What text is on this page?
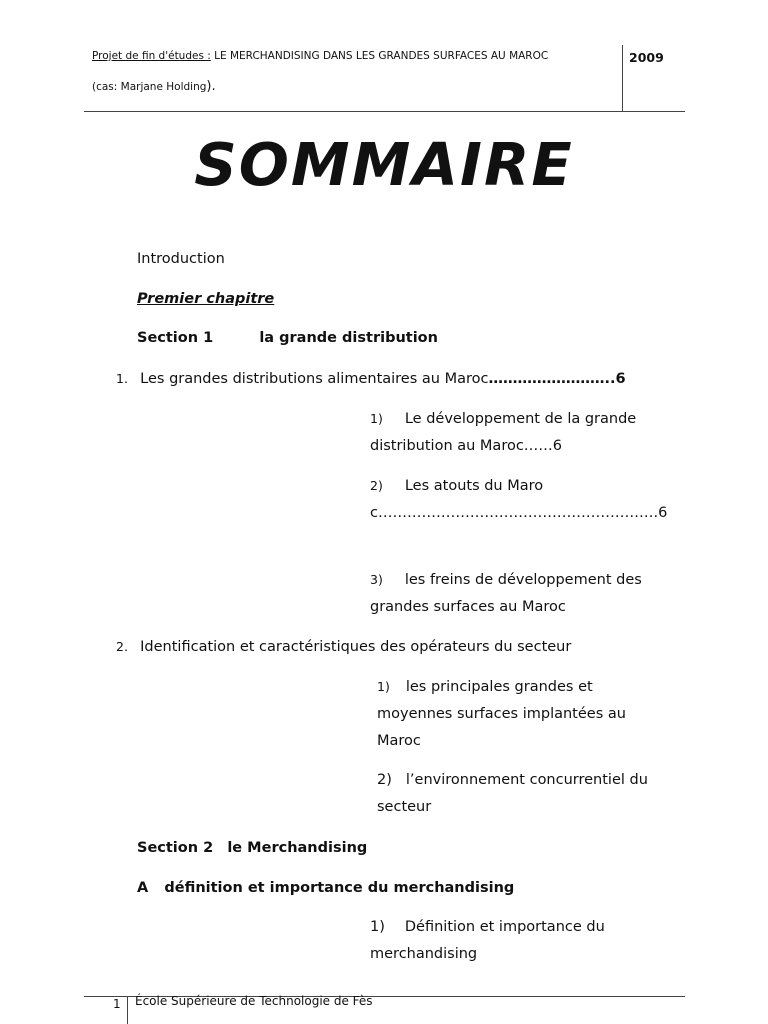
Projet de fin d'études : LE MERCHANDISING DANS LES GRANDES SURFACES AU MAROC
(cas: Marjane Holding).
2009
SOMMAIRE
Introduction
Premier chapitre
Section 1	la grande distribution
1. Les grandes distributions alimentaires au Maroc……………………..6
1) Le développement de la grande distribution au Maroc……6
2) Les atouts du Maroc………………………………………………….6
3) les freins de développement des grandes surfaces au Maroc
2. Identification et caractéristiques des opérateurs du secteur
1) les principales grandes et moyennes surfaces implantées au Maroc
2) l’environnement concurrentiel du secteur
Section 2 le Merchandising
A définition et importance du merchandising
1) Définition et importance du merchandising
1 École Supérieure de Technologie de Fès
